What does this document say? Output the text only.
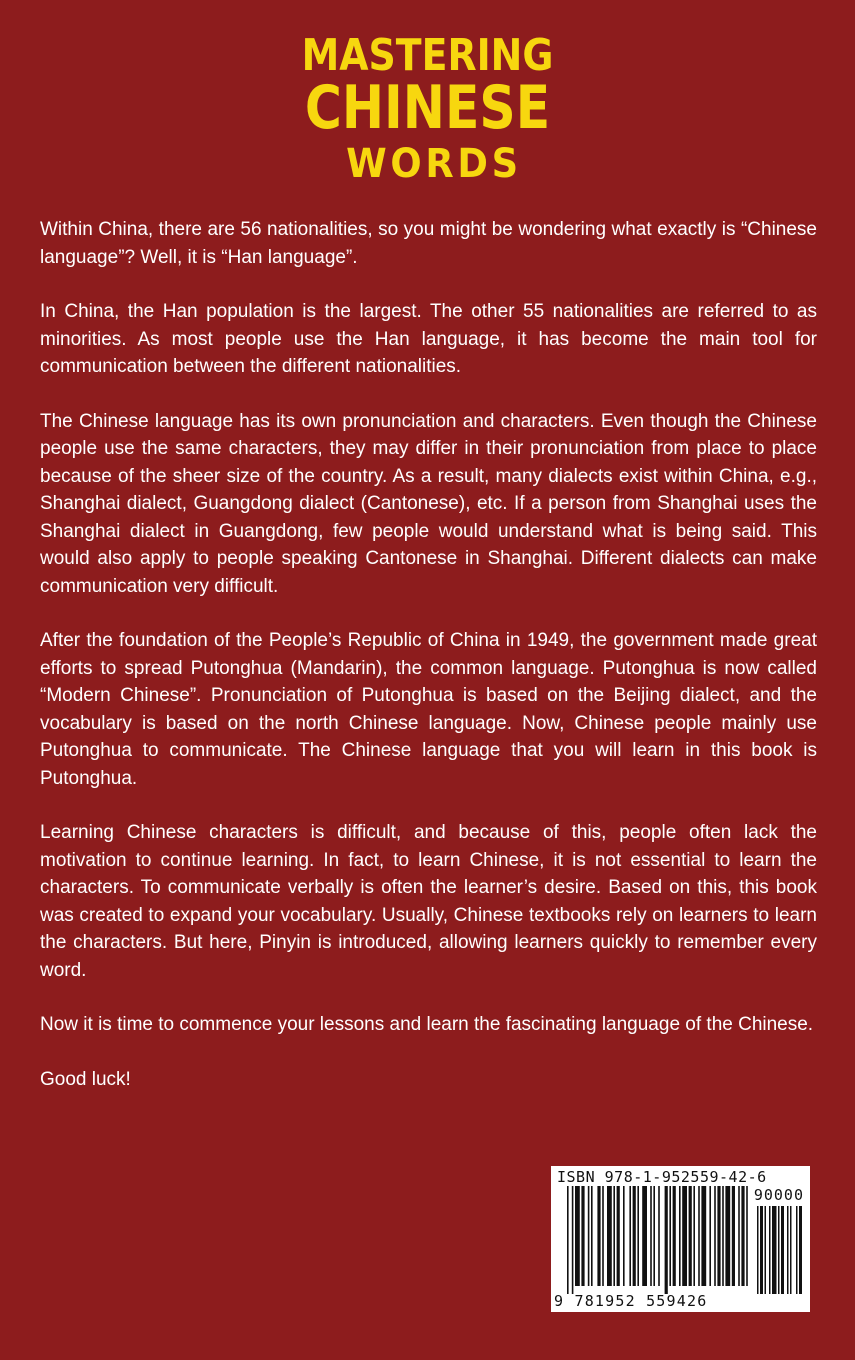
MASTERING
CHINESE
WORDS

Within China, there are 56 nationalities, so you might be wondering what exactly is “Chinese language”? Well, it is “Han language”.

In China, the Han population is the largest. The other 55 nationalities are referred to as minorities. As most people use the Han language, it has become the main tool for communication between the different nationalities.

The Chinese language has its own pronunciation and characters. Even though the Chinese people use the same characters, they may differ in their pronunciation from place to place because of the sheer size of the country. As a result, many dialects exist within China, e.g., Shanghai dialect, Guangdong dialect (Cantonese), etc. If a person from Shanghai uses the Shanghai dialect in Guangdong, few people would understand what is being said. This would also apply to people speaking Cantonese in Shanghai. Different dialects can make communication very difficult.

After the foundation of the People’s Republic of China in 1949, the government made great efforts to spread Putonghua (Mandarin), the common language. Putonghua is now called “Modern Chinese”. Pronunciation of Putonghua is based on the Beijing dialect, and the vocabulary is based on the north Chinese language. Now, Chinese people mainly use Putonghua to communicate. The Chinese language that you will learn in this book is Putonghua.

Learning Chinese characters is difficult, and because of this, people often lack the motivation to continue learning. In fact, to learn Chinese, it is not essential to learn the characters. To communicate verbally is often the learner’s desire. Based on this, this book was created to expand your vocabulary. Usually, Chinese textbooks rely on learners to learn the characters. But here, Pinyin is introduced, allowing learners quickly to remember every word.

Now it is time to commence your lessons and learn the fascinating language of the Chinese.

Good luck!

ISBN 978-1-952559-42-6
90000
9 781952 559426
